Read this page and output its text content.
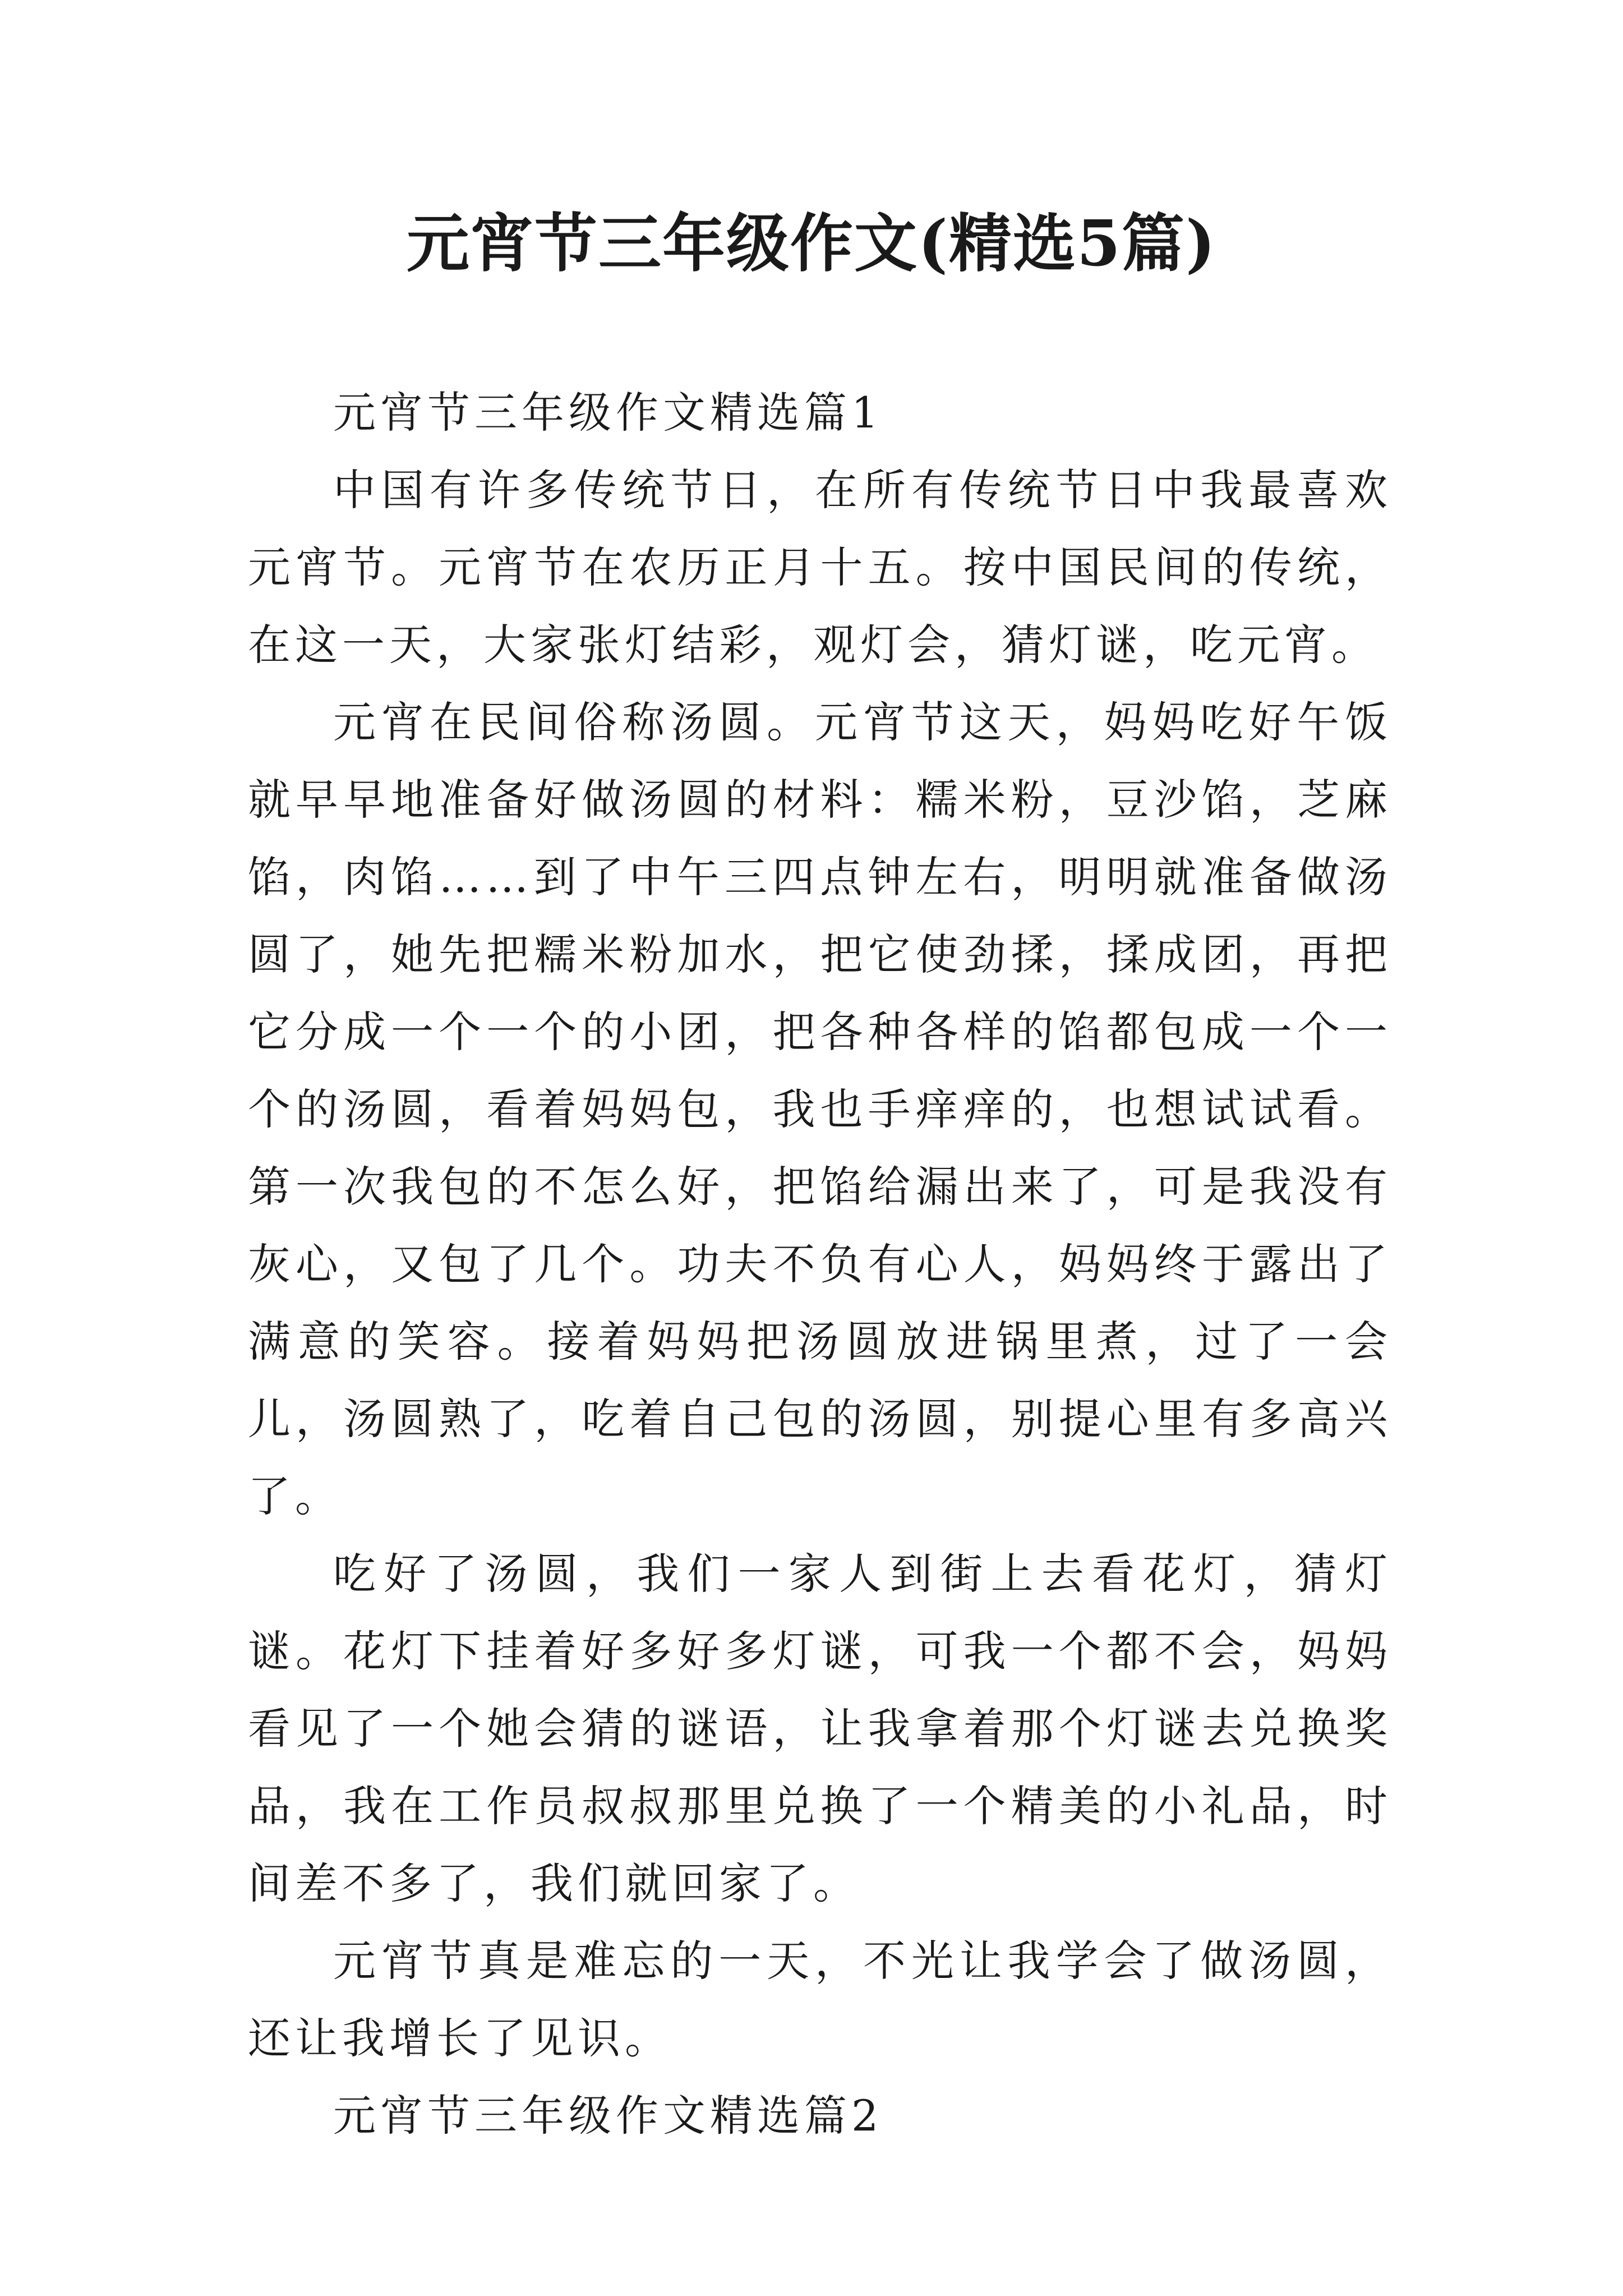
元宵节三年级作文(精选5篇)

元宵节三年级作文精选篇1

中国有许多传统节日，在所有传统节日中我最喜欢元宵节。元宵节在农历正月十五。按中国民间的传统，在这一天，大家张灯结彩，观灯会，猜灯谜，吃元宵。

元宵在民间俗称汤圆。元宵节这天，妈妈吃好午饭就早早地准备好做汤圆的材料：糯米粉，豆沙馅，芝麻馅，肉馅……到了中午三四点钟左右，明明就准备做汤圆了，她先把糯米粉加水，把它使劲揉，揉成团，再把它分成一个一个的小团，把各种各样的馅都包成一个一个的汤圆，看着妈妈包，我也手痒痒的，也想试试看。第一次我包的不怎么好，把馅给漏出来了，可是我没有灰心，又包了几个。功夫不负有心人，妈妈终于露出了满意的笑容。接着妈妈把汤圆放进锅里煮，过了一会儿，汤圆熟了，吃着自己包的汤圆，别提心里有多高兴了。

吃好了汤圆，我们一家人到街上去看花灯，猜灯谜。花灯下挂着好多好多灯谜，可我一个都不会，妈妈看见了一个她会猜的谜语，让我拿着那个灯谜去兑换奖品，我在工作员叔叔那里兑换了一个精美的小礼品，时间差不多了，我们就回家了。

元宵节真是难忘的一天，不光让我学会了做汤圆，还让我增长了见识。

元宵节三年级作文精选篇2
